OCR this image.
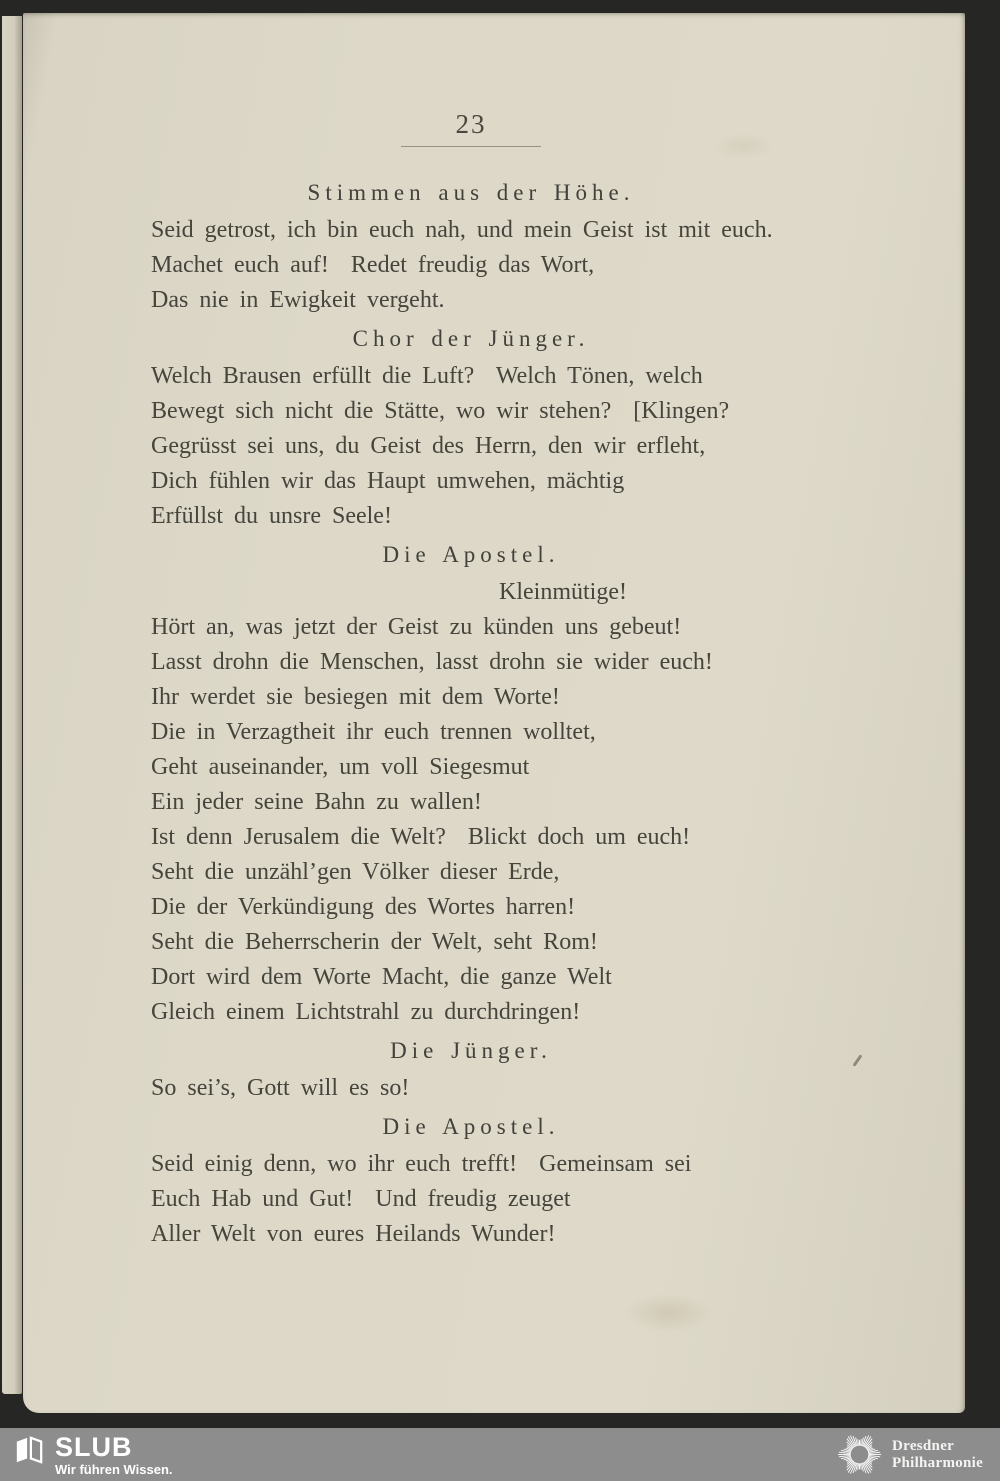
23
Stimmen aus der Höhe.
Seid getrost, ich bin euch nah, und mein Geist ist mit euch.
Machet euch auf!  Redet freudig das Wort,
Das nie in Ewigkeit vergeht.
Chor der Jünger.
Welch Brausen erfüllt die Luft?  Welch Tönen, welch
Bewegt sich nicht die Stätte, wo wir stehen?  [Klingen?
Gegrüsst sei uns, du Geist des Herrn, den wir erfleht,
Dich fühlen wir das Haupt umwehen, mächtig
Erfüllst du unsre Seele!
Die Apostel.
Kleinmütige!
Hört an, was jetzt der Geist zu künden uns gebeut!
Lasst drohn die Menschen, lasst drohn sie wider euch!
Ihr werdet sie besiegen mit dem Worte!
Die in Verzagtheit ihr euch trennen wolltet,
Geht auseinander, um voll Siegesmut
Ein jeder seine Bahn zu wallen!
Ist denn Jerusalem die Welt?  Blickt doch um euch!
Seht die unzähl’gen Völker dieser Erde,
Die der Verkündigung des Wortes harren!
Seht die Beherrscherin der Welt, seht Rom!
Dort wird dem Worte Macht, die ganze Welt
Gleich einem Lichtstrahl zu durchdringen!
Die Jünger.
So sei’s, Gott will es so!
Die Apostel.
Seid einig denn, wo ihr euch trefft!  Gemeinsam sei
Euch Hab und Gut!  Und freudig zeuget
Aller Welt von eures Heilands Wunder!
SLUB
Wir führen Wissen.
Dresdner
Philharmonie
